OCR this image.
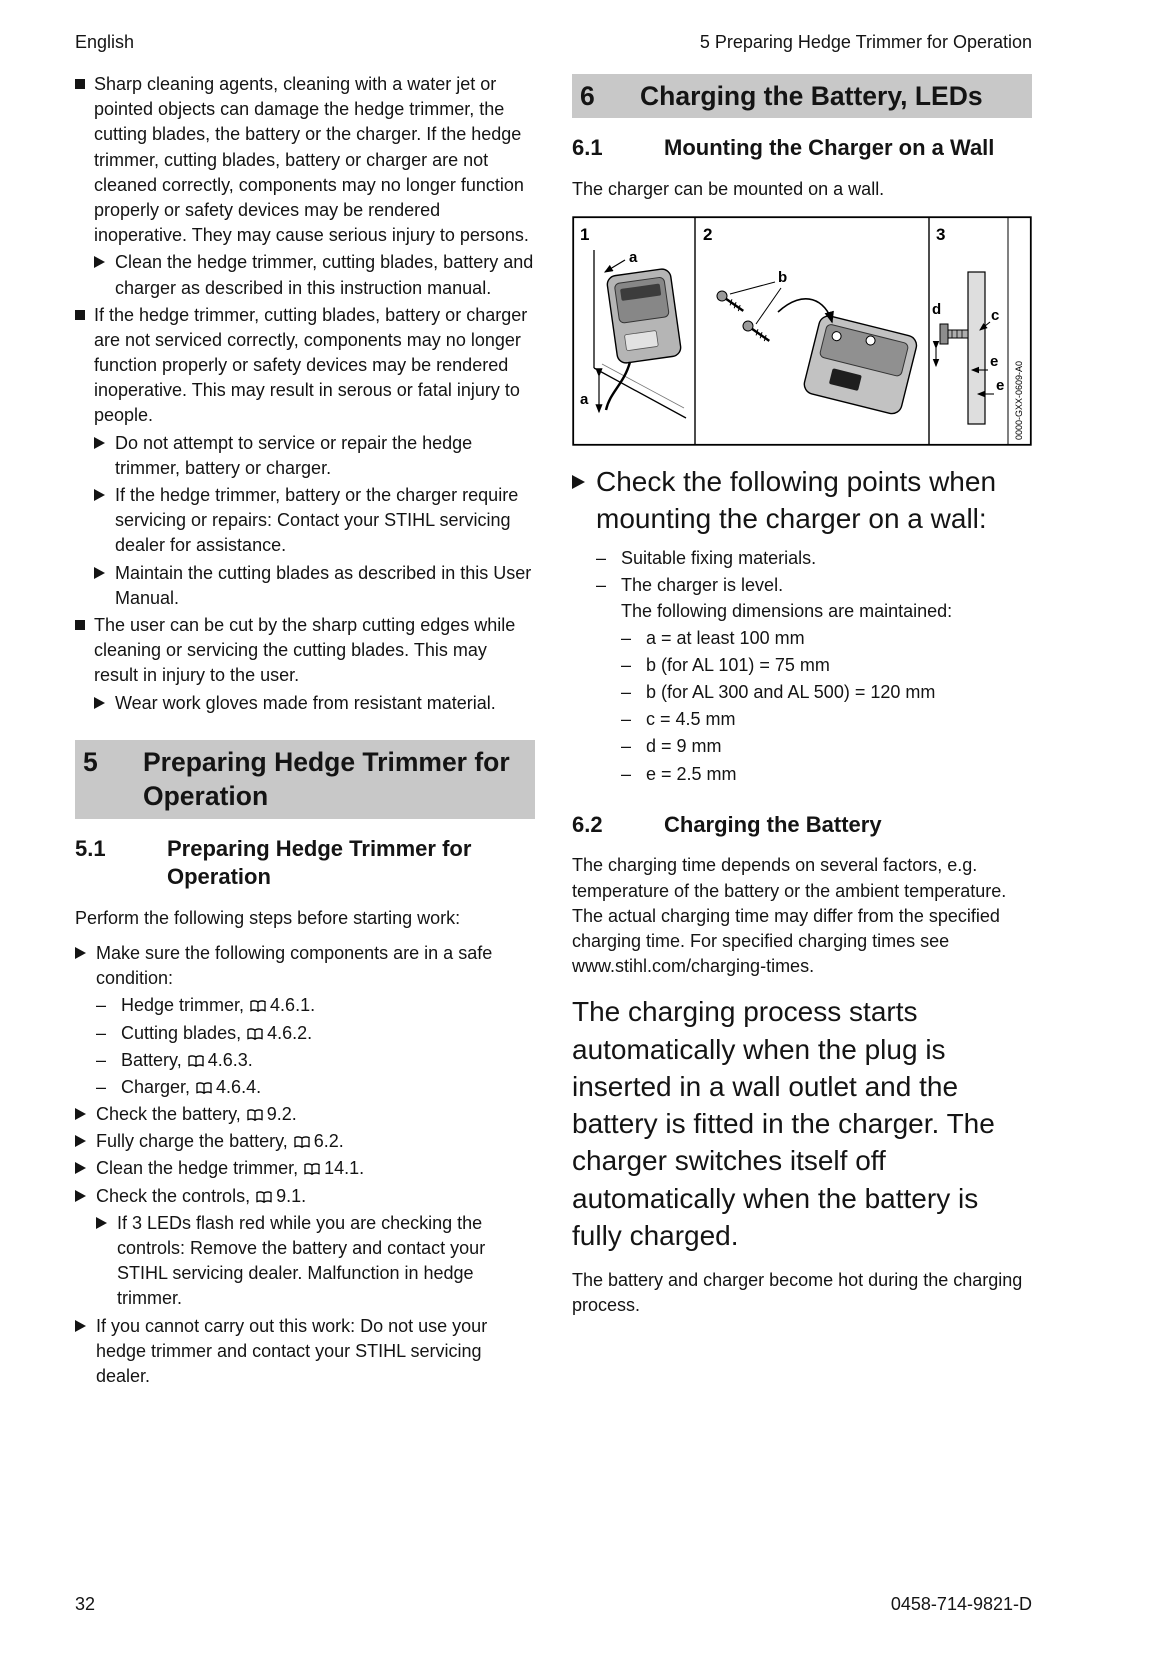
English	5 Preparing Hedge Trimmer for Operation

Sharp cleaning agents, cleaning with a water jet or pointed objects can damage the hedge trimmer, the cutting blades, the battery or the charger. If the hedge trimmer, cutting blades, battery or charger are not cleaned correctly, components may no longer function properly or safety devices may be rendered inoperative. They may cause serious injury to persons.

Clean the hedge trimmer, cutting blades, battery and charger as described in this instruction manual.

If the hedge trimmer, cutting blades, battery or charger are not serviced correctly, components may no longer function properly or safety devices may be rendered inoperative. This may result in serous or fatal injury to people.

Do not attempt to service or repair the hedge trimmer, battery or charger.

If the hedge trimmer, battery or the charger require servicing or repairs: Contact your STIHL servicing dealer for assistance.

Maintain the cutting blades as described in this User Manual.

The user can be cut by the sharp cutting edges while cleaning or servicing the cutting blades. This may result in injury to the user.

Wear work gloves made from resistant material.

5	Preparing Hedge Trimmer for Operation
5.1	Preparing Hedge Trimmer for Operation

Perform the following steps before starting work:

Make sure the following components are in a safe condition:

– Hedge trimmer, 4.6.1.

– Cutting blades, 4.6.2.

– Battery, 4.6.3.

– Charger, 4.6.4.

Check the battery, 9.2.

Fully charge the battery, 6.2.

Clean the hedge trimmer, 14.1.

Check the controls, 9.1.

If 3 LEDs flash red while you are checking the controls: Remove the battery and contact your STIHL servicing dealer. Malfunction in hedge trimmer.

If you cannot carry out this work: Do not use your hedge trimmer and contact your STIHL servicing dealer.

6	Charging the Battery, LEDs
6.1	Mounting the Charger on a Wall

The charger can be mounted on a wall.

a
a
b
d	c
e
e
1	2	3
0000-GXX-0609-A0

Check the following points when mounting the charger on a wall:

– Suitable fixing materials.

– The charger is level.

The following dimensions are maintained:

– a = at least 100 mm

– b (for AL 101) = 75 mm

– b (for AL 300 and AL 500) = 120 mm

– c = 4.5 mm

– d = 9 mm

– e = 2.5 mm

6.2	Charging the Battery

The charging time depends on several factors, e.g. temperature of the battery or the ambient temperature. The actual charging time may differ from the specified charging time. For specified charging times see www.stihl.com/charging-times.

The charging process starts automatically when the plug is inserted in a wall outlet and the battery is fitted in the charger. The charger switches itself off automatically when the battery is fully charged.

The battery and charger become hot during the charging process.

32	0458-714-9821-D
